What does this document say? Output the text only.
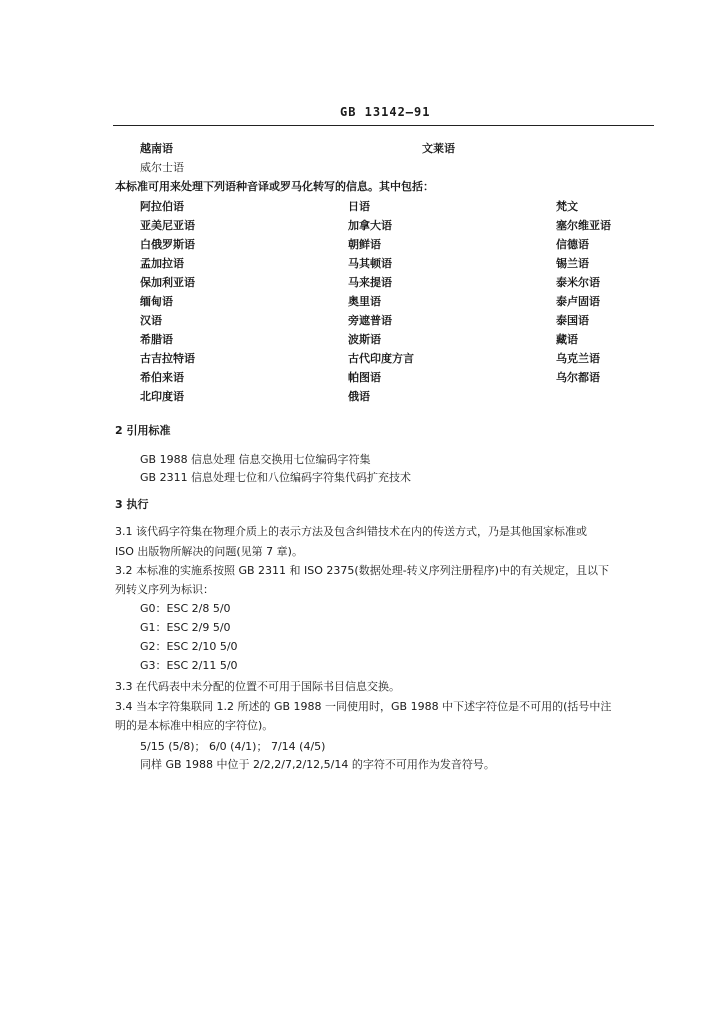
GB 13142—91
越南语	文莱语
威尔士语
本标准可用来处理下列语种音译或罗马化转写的信息。其中包括：
阿拉伯语
亚美尼亚语
白俄罗斯语
孟加拉语
保加利亚语
缅甸语
汉语
希腊语
古吉拉特语
希伯来语
北印度语
日语
加拿大语
朝鲜语
马其顿语
马来提语
奥里语
旁遮普语
波斯语
古代印度方言
帕图语
俄语
梵文
塞尔维亚语
信德语
锡兰语
泰米尔语
泰卢固语
泰国语
藏语
乌克兰语
乌尔都语
2 引用标准
GB 1988 信息处理 信息交换用七位编码字符集
GB 2311 信息处理七位和八位编码字符集代码扩充技术
3 执行
3.1 该代码字符集在物理介质上的表示方法及包含纠错技术在内的传送方式，乃是其他国家标准或
ISO 出版物所解决的问题(见第 7 章)。
3.2 本标准的实施系按照 GB 2311 和 ISO 2375(数据处理-转义序列注册程序)中的有关规定，且以下
列转义序列为标识：
G0：ESC 2/8 5/0
G1：ESC 2/9 5/0
G2：ESC 2/10 5/0
G3：ESC 2/11 5/0
3.3 在代码表中未分配的位置不可用于国际书目信息交换。
3.4 当本字符集联同 1.2 所述的 GB 1988 一同使用时，GB 1988 中下述字符位是不可用的(括号中注
明的是本标准中相应的字符位)。
5/15 (5/8)； 6/0 (4/1)； 7/14 (4/5)
同样 GB 1988 中位于 2/2,2/7,2/12,5/14 的字符不可用作为发音符号。
